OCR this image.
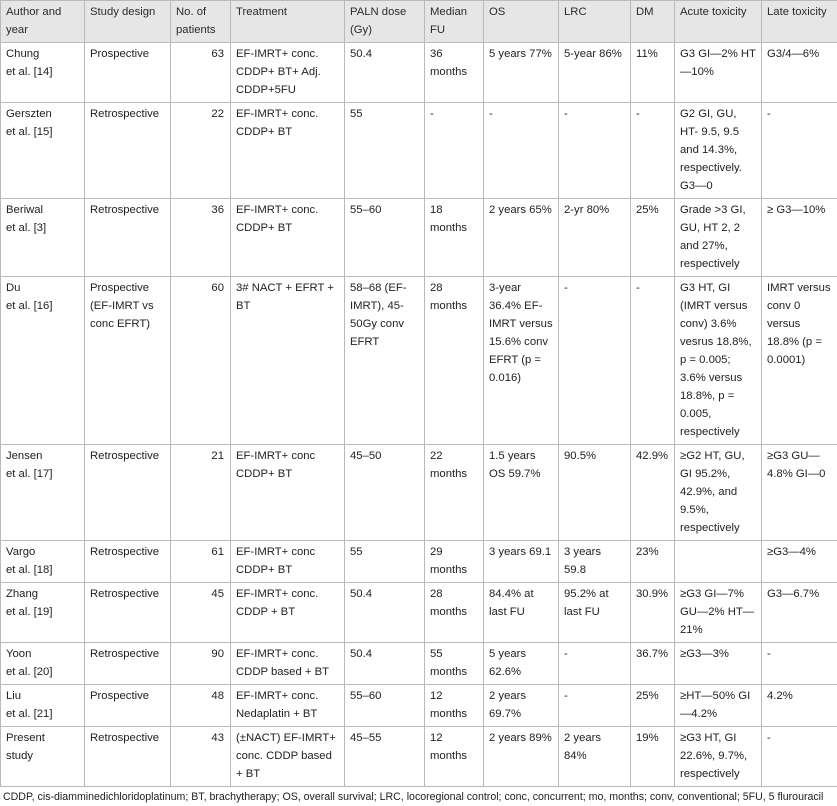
Author and year	Study design	No. of patients	Treatment	PALN dose (Gy)	Median FU	OS	LRC	DM	Acute toxicity	Late toxicity

Chung
et al. [14]	Prospective	63	EF-IMRT+ conc. CDDP+ BT+ Adj. CDDP+5FU	50.4	36 months	5 years 77%	5-year 86%	11%	G3 GI—2% HT—10%	G3/4—6%

Gerszten
et al. [15]	Retrospective	22	EF-IMRT+ conc. CDDP+ BT	55	-	-	-	-	G2 GI, GU, HT- 9.5, 9.5 and 14.3%, respectively. G3—0	-

Beriwal
et al. [3]	Retrospective	36	EF-IMRT+ conc. CDDP+ BT	55–60	18 months	2 years 65%	2-yr 80%	25%	Grade >3 GI, GU, HT 2, 2 and 27%, respectively	≥ G3—10%

Du
et al. [16]	Prospective (EF-IMRT vs conc EFRT)	60	3# NACT + EFRT + BT	58–68 (EF-IMRT), 45-50Gy conv EFRT	28 months	3-year 36.4% EF-IMRT versus 15.6% conv EFRT (p = 0.016)	-	-	G3 HT, GI (IMRT versus conv) 3.6% vesrus 18.8%, p = 0.005; 3.6% versus 18.8%, p = 0.005, respectively	IMRT versus conv 0 versus 18.8% (p = 0.0001)

Jensen
et al. [17]	Retrospective	21	EF-IMRT+ conc CDDP+ BT	45–50	22 months	1.5 years OS 59.7%	90.5%	42.9%	≥G2 HT, GU, GI 95.2%, 42.9%, and 9.5%, respectively	≥G3 GU—4.8% GI—0

Vargo
et al. [18]	Retrospective	61	EF-IMRT+ conc CDDP+ BT	55	29 months	3 years 69.1	3 years 59.8	23%		≥G3—4%

Zhang
et al. [19]	Retrospective	45	EF-IMRT+ conc. CDDP + BT	50.4	28 months	84.4% at last FU	95.2% at last FU	30.9%	≥G3 GI—7% GU—2% HT—21%	G3—6.7%

Yoon
et al. [20]	Retrospective	90	EF-IMRT+ conc. CDDP based + BT	50.4	55 months	5 years 62.6%	-	36.7%	≥G3—3%	-

Liu
et al. [21]	Prospective	48	EF-IMRT+ conc. Nedaplatin + BT	55–60	12 months	2 years 69.7%	-	25%	≥HT—50% GI—4.2%	4.2%

Present
study	Retrospective	43	(±NACT) EF-IMRT+ conc. CDDP based + BT	45–55	12 months	2 years 89%	2 years 84%	19%	≥G3 HT, GI 22.6%, 9.7%, respectively	-
CDDP, cis-diamminedichloridoplatinum; BT, brachytherapy; OS, overall survival; LRC, locoregional control; conc, concurrent; mo, months; conv, conventional; 5FU, 5 flurouracil
